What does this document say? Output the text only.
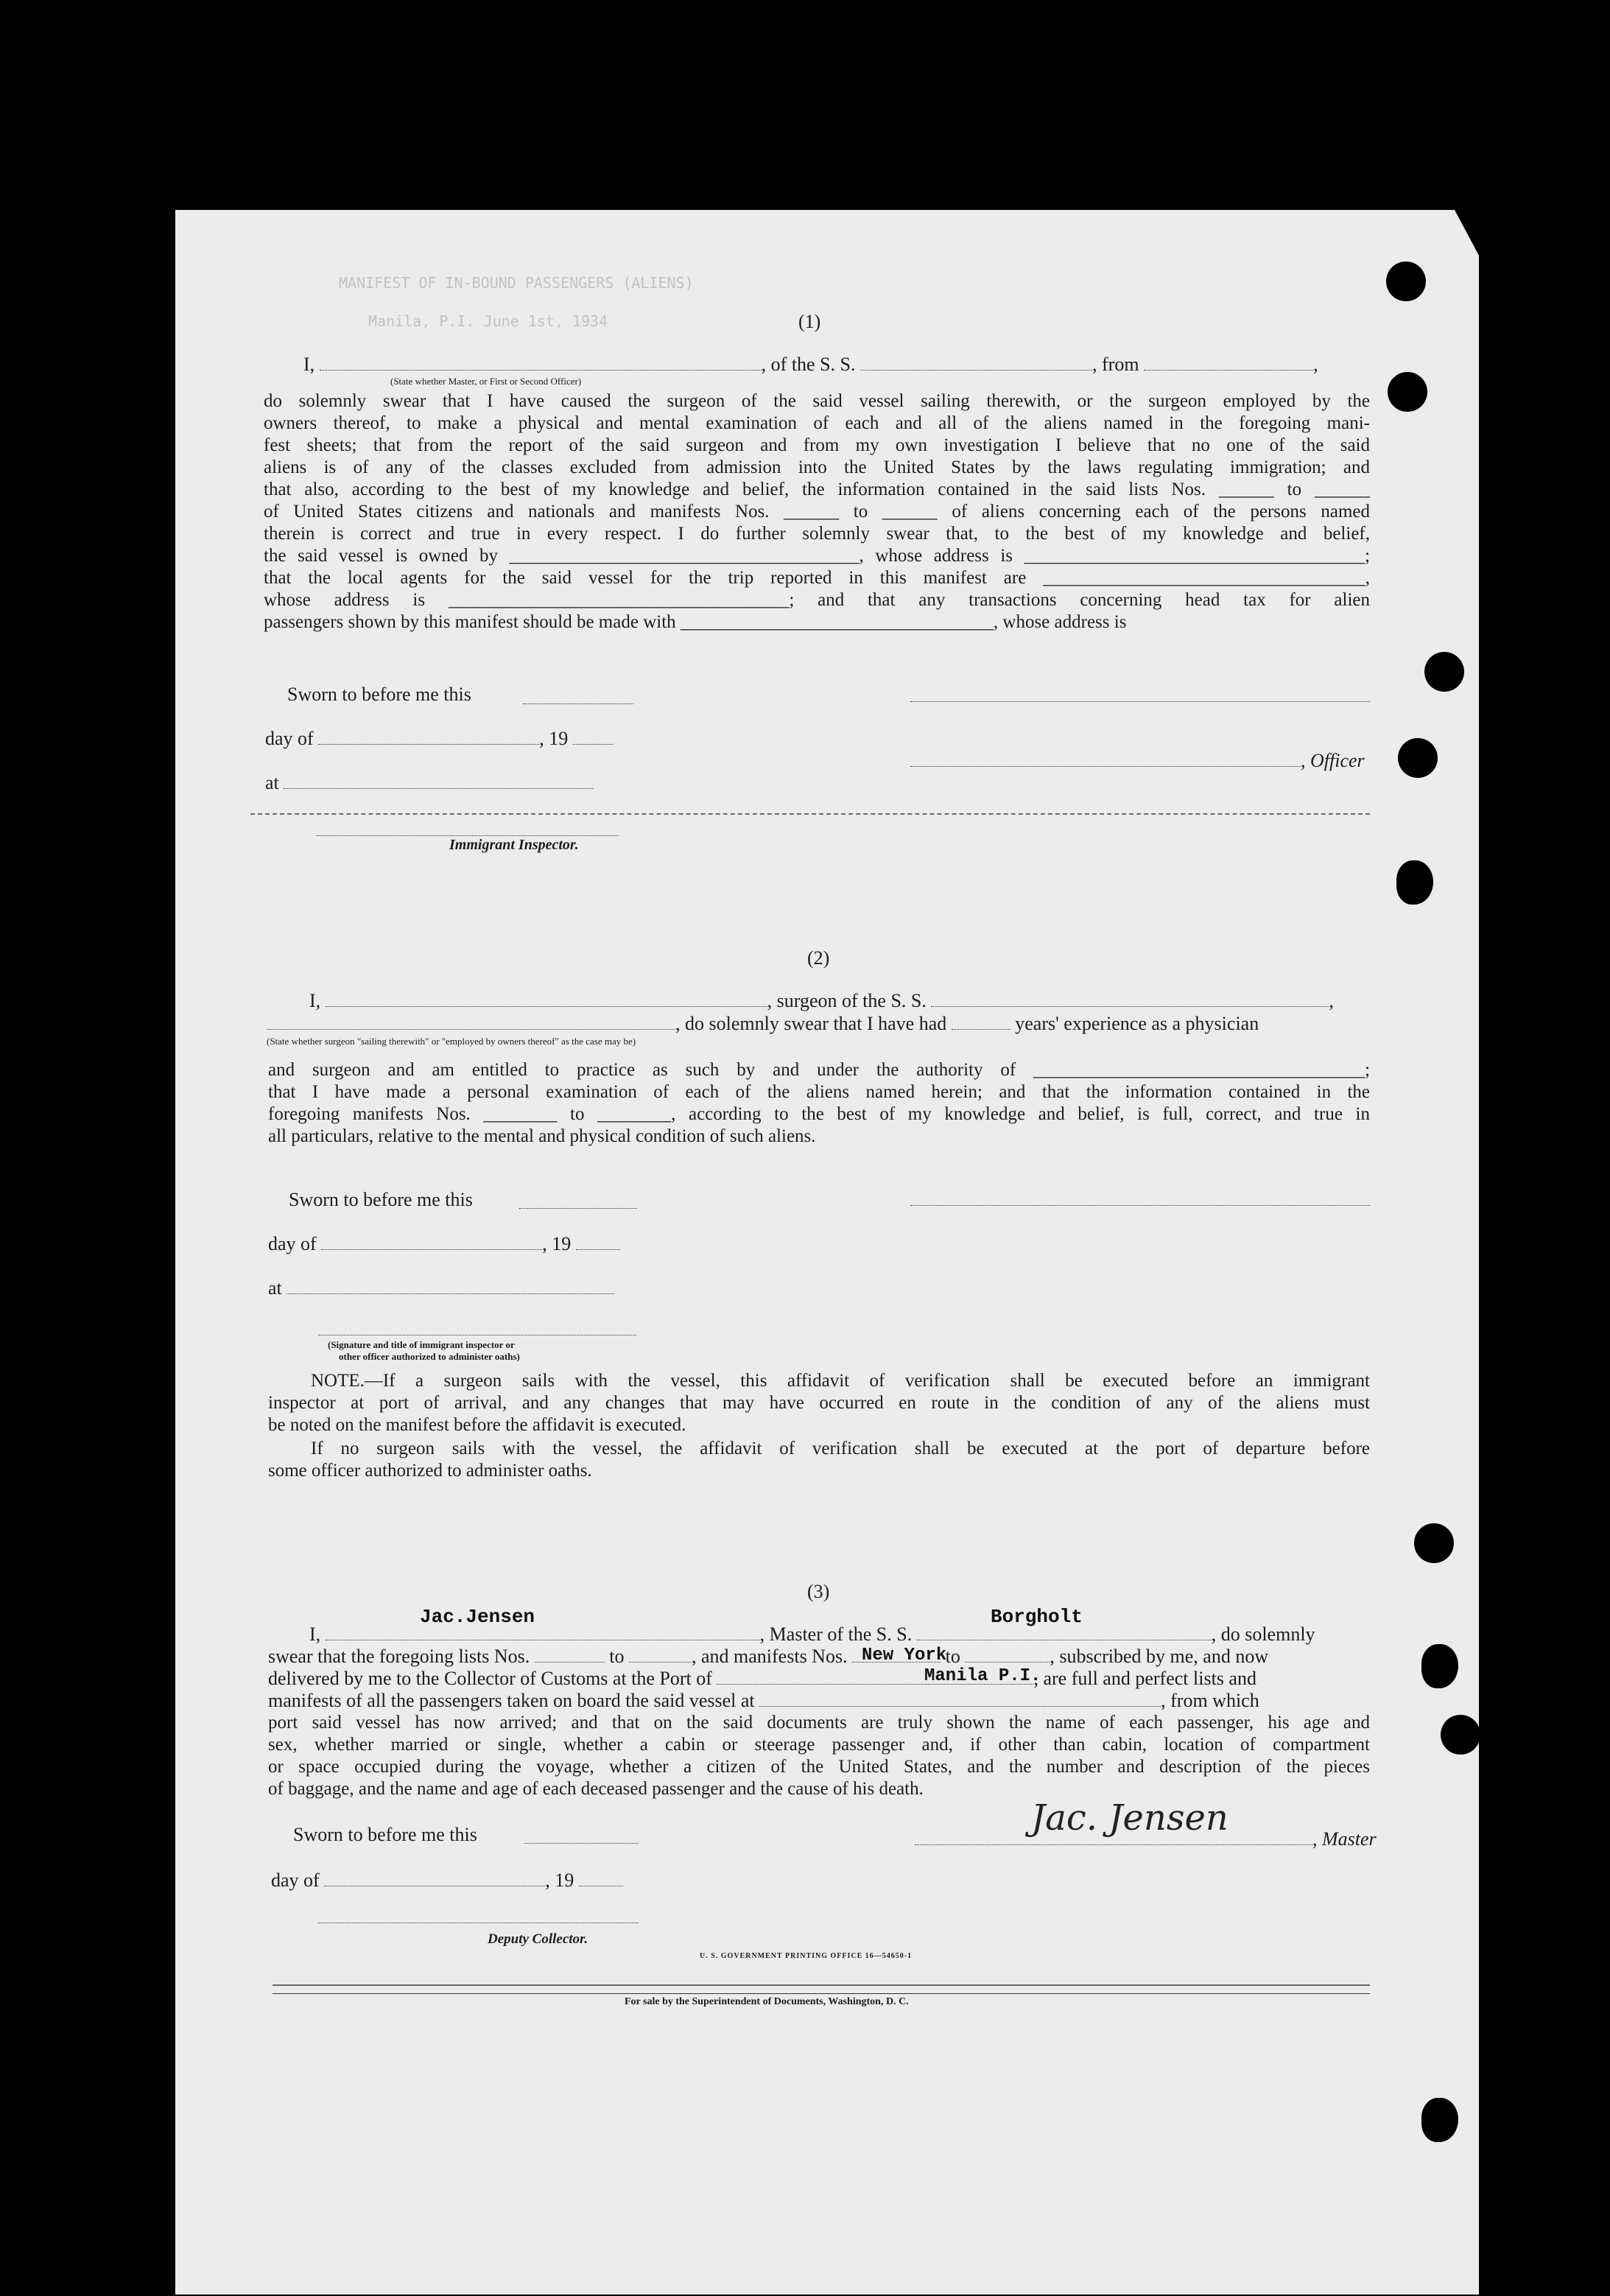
MANIFEST OF IN-BOUND PASSENGERS (ALIENS)
Manila, P.I. June 1st, 1934	(1)
I,	, of the S. S.	, from	,
(State whether Master, or First or Second Officer)
do solemnly swear that I have caused the surgeon of the said vessel sailing therewith, or the surgeon employed by the
owners thereof, to make a physical and mental examination of each and all of the aliens named in the foregoing mani-
fest sheets; that from the report of the said surgeon and from my own investigation I believe that no one of the said
aliens is of any of the classes excluded from admission into the United States by the laws regulating immigration; and
that also, according to the best of my knowledge and belief, the information contained in the said lists Nos. ______ to ______
of United States citizens and nationals and manifests Nos. ______ to ______ of aliens concerning each of the persons named
therein is correct and true in every respect. I do further solemnly swear that, to the best of my knowledge and belief,
the said vessel is owned by ______________________________________, whose address is _____________________________________;
that the local agents for the said vessel for the trip reported in this manifest are ___________________________________,
whose address is _____________________________________; and that any transactions concerning head tax for alien
passengers shown by this manifest should be made with __________________________________, whose address is
Sworn to before me this
day of	, 19
, Officer
at
Immigrant Inspector.
(2)
I,	, surgeon of the S. S.	,
, do solemnly swear that I have had	years' experience as a physician
(State whether surgeon "sailing therewith" or "employed by owners thereof" as the case may be)
and surgeon and am entitled to practice as such by and under the authority of ____________________________________;
that I have made a personal examination of each of the aliens named herein; and that the information contained in the
foregoing manifests Nos. ________ to ________, according to the best of my knowledge and belief, is full, correct, and true in
all particulars, relative to the mental and physical condition of such aliens.
Sworn to before me this
day of	, 19
at
(Signature and title of immigrant inspector or
other officer authorized to administer oaths)
NOTE.—If a surgeon sails with the vessel, this affidavit of verification shall be executed before an immigrant
inspector at port of arrival, and any changes that may have occurred en route in the condition of any of the aliens must
be noted on the manifest before the affidavit is executed.
If no surgeon sails with the vessel, the affidavit of verification shall be executed at the port of departure before
some officer authorized to administer oaths.
(3)
Jac.Jensen	Borgholt
I,	, Master of the S. S.	, do solemnly
New York
swear that the foregoing lists Nos.	to	, and manifests Nos.	to	, subscribed by me, and now
Manila P.I.
delivered by me to the Collector of Customs at the Port of	, are full and perfect lists and
manifests of all the passengers taken on board the said vessel at	, from which
port said vessel has now arrived; and that on the said documents are truly shown the name of each passenger, his age and
sex, whether married or single, whether a cabin or steerage passenger and, if other than cabin, location of compartment
or space occupied during the voyage, whether a citizen of the United States, and the number and description of the pieces
of baggage, and the name and age of each deceased passenger and the cause of his death.
Sworn to before me this	Jac. Jensen
, Master
day of	, 19
Deputy Collector.
U. S. GOVERNMENT PRINTING OFFICE 16—54650-1
For sale by the Superintendent of Documents, Washington, D. C.
